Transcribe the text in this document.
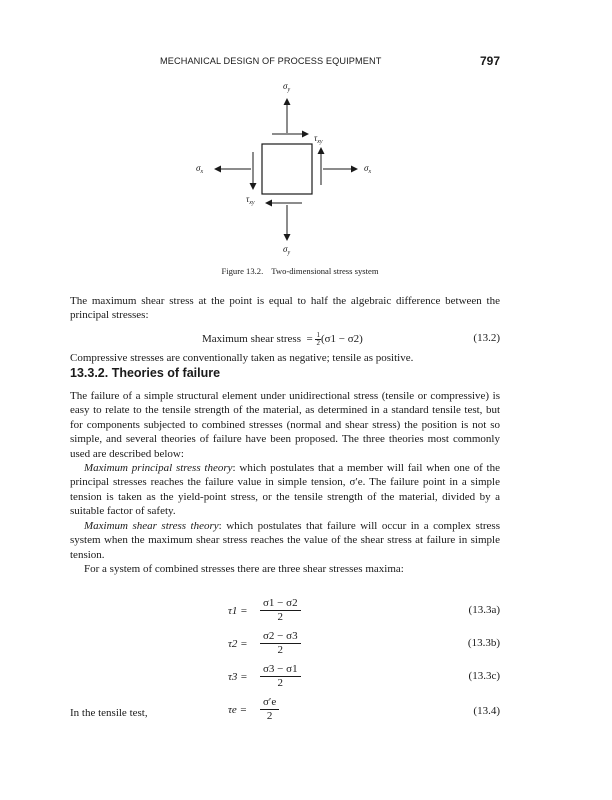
MECHANICAL DESIGN OF PROCESS EQUIPMENT	797
$\sigma_y$
$\sigma_y$
$\sigma_x$	$\sigma_x$
$\tau_{xy}$
$\tau_{xy}$
Figure 13.2. Two-dimensional stress system

The maximum shear stress at the point is equal to half the algebraic difference between the principal stresses:

Maximum shear stress  = $\frac{1}{2}(\sigma 1 - \sigma 2)$	(13.2)

Compressive stresses are conventionally taken as negative; tensile as positive.

13.3.2. Theories of failure

The failure of a simple structural element under unidirectional stress (tensile or compressive) is easy to relate to the tensile strength of the material, as determined in a standard tensile test, but for components subjected to combined stresses (normal and shear stress) the position is not so simple, and several theories of failure have been proposed. The three theories most commonly used are described below:

Maximum principal stress theory: which postulates that a member will fail when one of the principal stresses reaches the failure value in simple tension, σ′e. The failure point in a simple tension is taken as the yield-point stress, or the tensile strength of the material, divided by a suitable factor of safety.

Maximum shear stress theory: which postulates that failure will occur in a complex stress system when the maximum shear stress reaches the value of the shear stress at failure in simple tension.

For a system of combined stresses there are three shear stresses maxima:

$\tau 1 = \frac{\sigma 1 - \sigma 2}{2}$	(13.3a)
$\tau 2 = \frac{\sigma 2 - \sigma 3}{2}$	(13.3b)
$\tau 3 = \frac{\sigma 3 - \sigma 1}{2}$	(13.3c)
In the tensile test,	$\tau e = \frac{\sigma'e}{2}$	(13.4)
